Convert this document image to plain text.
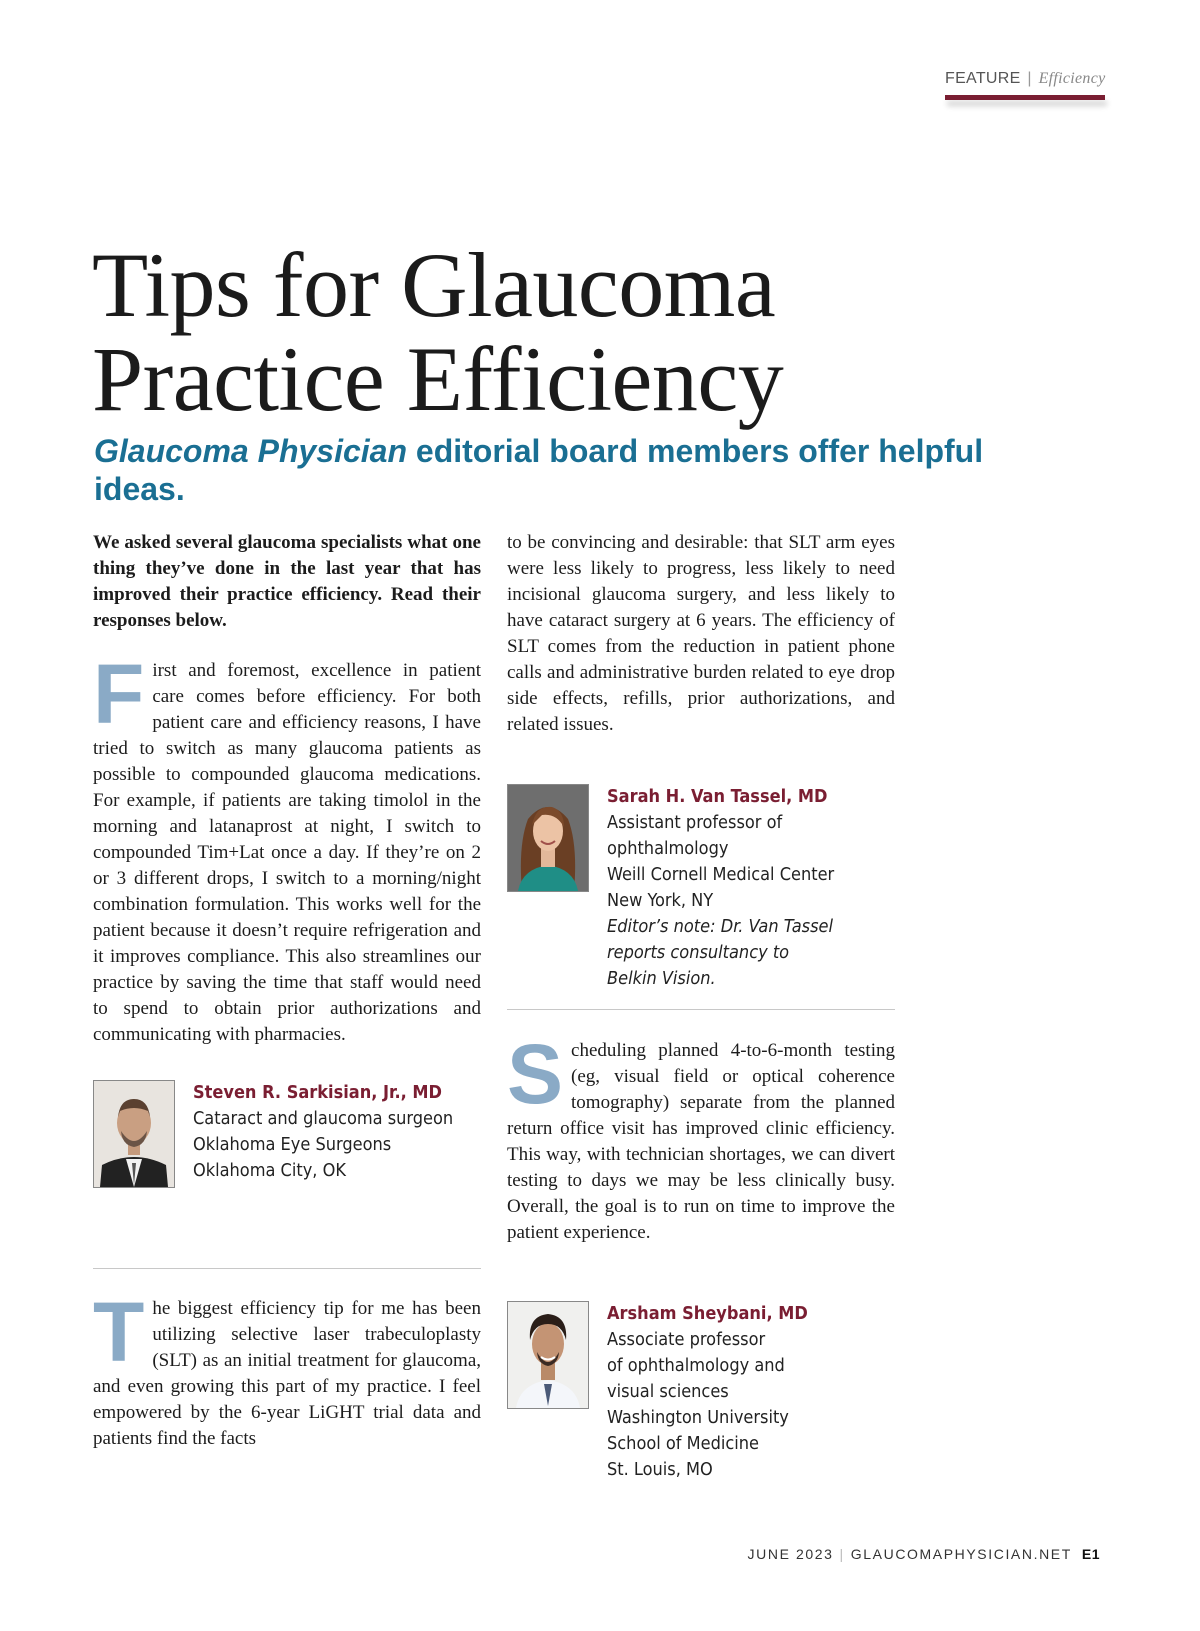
FEATURE | Efficiency
Tips for Glaucoma
Practice Efficiency
Glaucoma Physician editorial board members offer helpful ideas.

We asked several glaucoma specialists what one thing they’ve done in the last year that has improved their practice efficiency. Read their responses below.

First and foremost, excellence in patient care comes before efficiency. For both patient care and efficiency reasons, I have tried to switch as many glaucoma patients as possible to compounded glaucoma medications. For example, if patients are taking timolol in the morning and latanaprost at night, I switch to compounded Tim+Lat once a day. If they’re on 2 or 3 different drops, I switch to a morning/night combination formulation. This works well for the patient because it doesn’t require refrigeration and it improves compliance. This also streamlines our practice by saving the time that staff would need to spend to obtain prior authorizations and communicating with pharmacies.

Steven R. Sarkisian, Jr., MD
Cataract and glaucoma surgeon
Oklahoma Eye Surgeons
Oklahoma City, OK

The biggest efficiency tip for me has been utilizing selective laser trabeculoplasty (SLT) as an initial treatment for glaucoma, and even growing this part of my practice. I feel empowered by the 6-year LiGHT trial data and patients find the facts

to be convincing and desirable: that SLT arm eyes were less likely to progress, less likely to need incisional glaucoma surgery, and less likely to have cataract surgery at 6 years. The efficiency of SLT comes from the reduction in patient phone calls and administrative burden related to eye drop side effects, refills, prior authorizations, and related issues.

Sarah H. Van Tassel, MD
Assistant professor of
ophthalmology
Weill Cornell Medical Center
New York, NY
Editor’s note: Dr. Van Tassel
reports consultancy to
Belkin Vision.

Scheduling planned 4-to-6-month testing (eg, visual field or optical coherence tomography) separate from the planned return office visit has improved clinic efficiency. This way, with technician shortages, we can divert testing to days we may be less clinically busy. Overall, the goal is to run on time to improve the patient experience.

Arsham Sheybani, MD
Associate professor
of ophthalmology and
visual sciences
Washington University
School of Medicine
St. Louis, MO
JUNE 2023 | GLAUCOMAPHYSICIAN.NET E1
